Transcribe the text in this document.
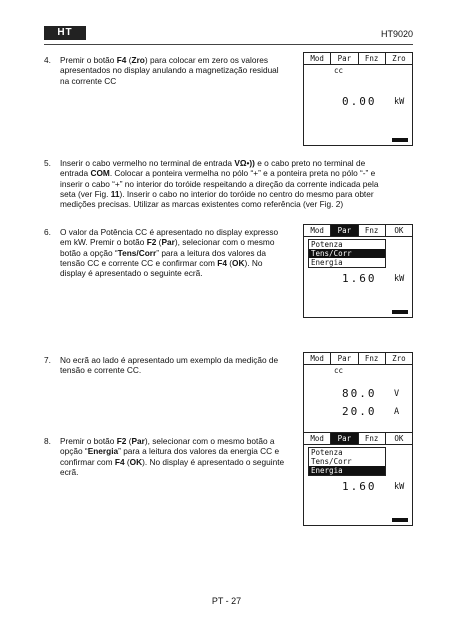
HT	HT9020
4. Premir o botão F4 (Zro) para colocar em zero os valores
apresentados no display anulando a magnetização residual
na corrente CC
Mod	Par	Fnz	Zro
cc
0.00 kW
5. Inserir o cabo vermelho no terminal de entrada VΩ•)) e o cabo preto no terminal de
entrada COM. Colocar a ponteira vermelha no pólo “+” e a ponteira preta no pólo “-” e
inserir o cabo “+” no interior do toróide respeitando a direção da corrente indicada pela
seta (ver Fig. 11). Inserir o cabo no interior do toróide no centro do mesmo para obter
medições precisas. Utilizar as marcas existentes como referência (ver Fig. 2)
6. O valor da Potência CC é apresentado no display expresso
em kW. Premir o botão F2 (Par), selecionar com o mesmo
botão a opção “Tens/Corr” para a leitura dos valores da
tensão CC e corrente CC e confirmar com F4 (OK). No
display é apresentado o seguinte ecrã.
Mod	Par	Fnz	OK
1.60 kW
Potenza
Tens/Corr
Energia
7. No ecrã ao lado é apresentado um exemplo da medição de
tensão e corrente CC.
Mod	Par	Fnz	Zro
cc
80.0 V
20.0 A
8. Premir o botão F2 (Par), selecionar com o mesmo botão a
opção “Energia” para a leitura dos valores da energia CC e
confirmar com F4 (OK). No display é apresentado o seguinte
ecrã.
Mod	Par	Fnz	OK
1.60 kW
Potenza
Tens/Corr
Energia
PT - 27
